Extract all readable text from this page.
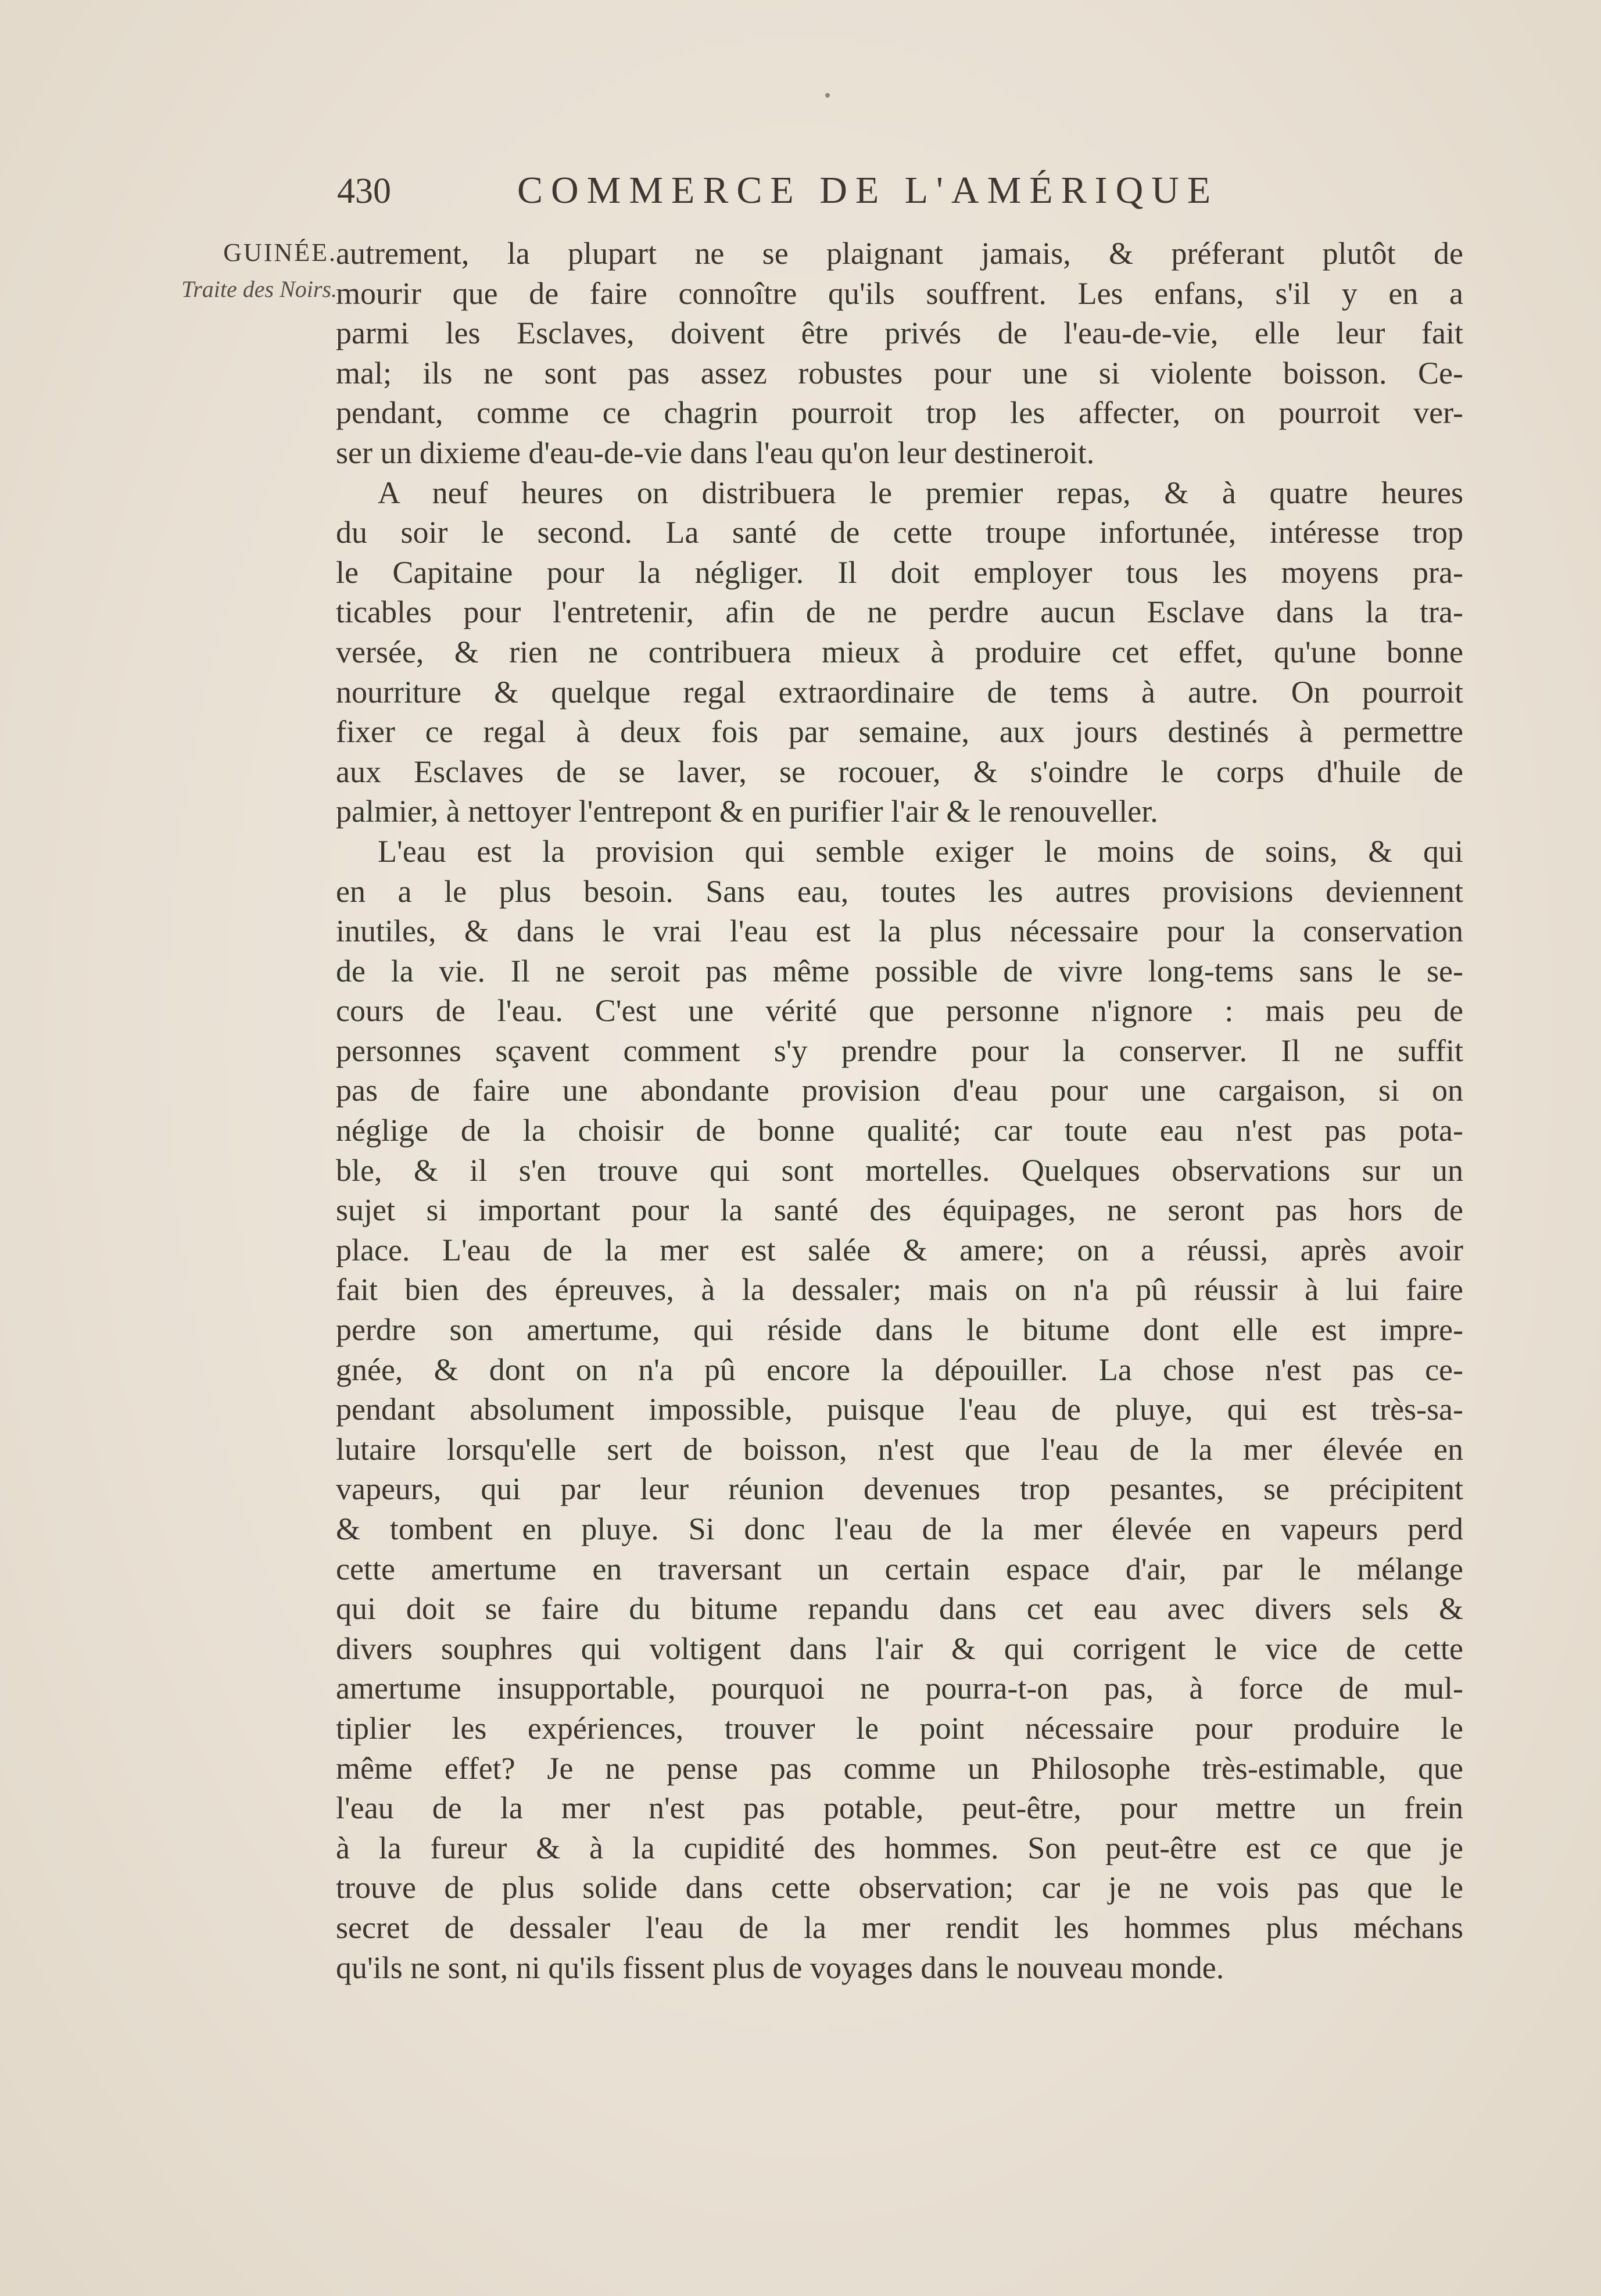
430	COMMERCE DE L'AMÉRIQUE
GUINÉE.
Traite des Noirs.
autrement, la plupart ne se plaignant jamais, & préferant plutôt de
mourir que de faire connoître qu'ils souffrent. Les enfans, s'il y en a
parmi les Esclaves, doivent être privés de l'eau-de-vie, elle leur fait
mal; ils ne sont pas assez robustes pour une si violente boisson. Ce-
pendant, comme ce chagrin pourroit trop les affecter, on pourroit ver-
ser un dixieme d'eau-de-vie dans l'eau qu'on leur destineroit.
A neuf heures on distribuera le premier repas, & à quatre heures
du soir le second. La santé de cette troupe infortunée, intéresse trop
le Capitaine pour la négliger. Il doit employer tous les moyens pra-
ticables pour l'entretenir, afin de ne perdre aucun Esclave dans la tra-
versée, & rien ne contribuera mieux à produire cet effet, qu'une bonne
nourriture & quelque regal extraordinaire de tems à autre. On pourroit
fixer ce regal à deux fois par semaine, aux jours destinés à permettre
aux Esclaves de se laver, se rocouer, & s'oindre le corps d'huile de
palmier, à nettoyer l'entrepont & en purifier l'air & le renouveller.
L'eau est la provision qui semble exiger le moins de soins, & qui
en a le plus besoin. Sans eau, toutes les autres provisions deviennent
inutiles, & dans le vrai l'eau est la plus nécessaire pour la conservation
de la vie. Il ne seroit pas même possible de vivre long-tems sans le se-
cours de l'eau. C'est une vérité que personne n'ignore : mais peu de
personnes sçavent comment s'y prendre pour la conserver. Il ne suffit
pas de faire une abondante provision d'eau pour une cargaison, si on
néglige de la choisir de bonne qualité; car toute eau n'est pas pota-
ble, & il s'en trouve qui sont mortelles. Quelques observations sur un
sujet si important pour la santé des équipages, ne seront pas hors de
place. L'eau de la mer est salée & amere; on a réussi, après avoir
fait bien des épreuves, à la dessaler; mais on n'a pû réussir à lui faire
perdre son amertume, qui réside dans le bitume dont elle est impre-
gnée, & dont on n'a pû encore la dépouiller. La chose n'est pas ce-
pendant absolument impossible, puisque l'eau de pluye, qui est très-sa-
lutaire lorsqu'elle sert de boisson, n'est que l'eau de la mer élevée en
vapeurs, qui par leur réunion devenues trop pesantes, se précipitent
& tombent en pluye. Si donc l'eau de la mer élevée en vapeurs perd
cette amertume en traversant un certain espace d'air, par le mélange
qui doit se faire du bitume repandu dans cet eau avec divers sels &
divers souphres qui voltigent dans l'air & qui corrigent le vice de cette
amertume insupportable, pourquoi ne pourra-t-on pas, à force de mul-
tiplier les expériences, trouver le point nécessaire pour produire le
même effet? Je ne pense pas comme un Philosophe très-estimable, que
l'eau de la mer n'est pas potable, peut-être, pour mettre un frein
à la fureur & à la cupidité des hommes. Son peut-être est ce que je
trouve de plus solide dans cette observation; car je ne vois pas que le
secret de dessaler l'eau de la mer rendit les hommes plus méchans
qu'ils ne sont, ni qu'ils fissent plus de voyages dans le nouveau monde.
